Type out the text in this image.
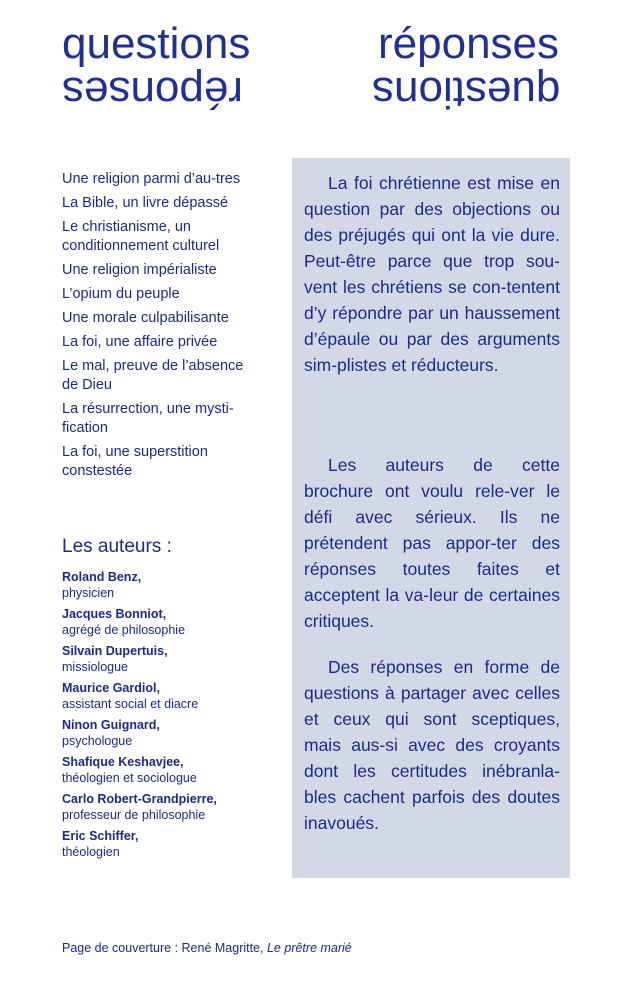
questions
réponses
réponses
questions
Une religion parmi d’au-tres
La Bible, un livre dépassé
Le christianisme, un conditionnement culturel
Une religion impérialiste
L’opium du peuple
Une morale culpabilisante
La foi, une affaire privée
Le mal, preuve de l’absence de Dieu
La résurrection, une mysti-fication
La foi, une superstition constestée
Les auteurs :
Roland Benz,
physicien
Jacques Bonniot,
agrégé de philosophie
Silvain Dupertuis,
missiologue
Maurice Gardiol,
assistant social et diacre
Ninon Guignard,
psychologue
Shafique Keshavjee,
théologien et sociologue
Carlo Robert-Grandpierre,
professeur de philosophie
Eric Schiffer,
théologien
La foi chrétienne est mise en question par des objections ou des préjugés qui ont la vie dure. Peut-être parce que trop sou-vent les chrétiens se con-tentent d’y répondre par un haussement d’épaule ou par des arguments sim-plistes et réducteurs.
Les auteurs de cette brochure ont voulu rele-ver le défi avec sérieux. Ils ne prétendent pas appor-ter des réponses toutes faites et acceptent la va-leur de certaines critiques.
Des réponses en forme de questions à partager avec celles et ceux qui sont sceptiques, mais aus-si avec des croyants dont les certitudes inébranla-bles cachent parfois des doutes inavoués.
Page de couverture : René Magritte, Le prêtre marié
